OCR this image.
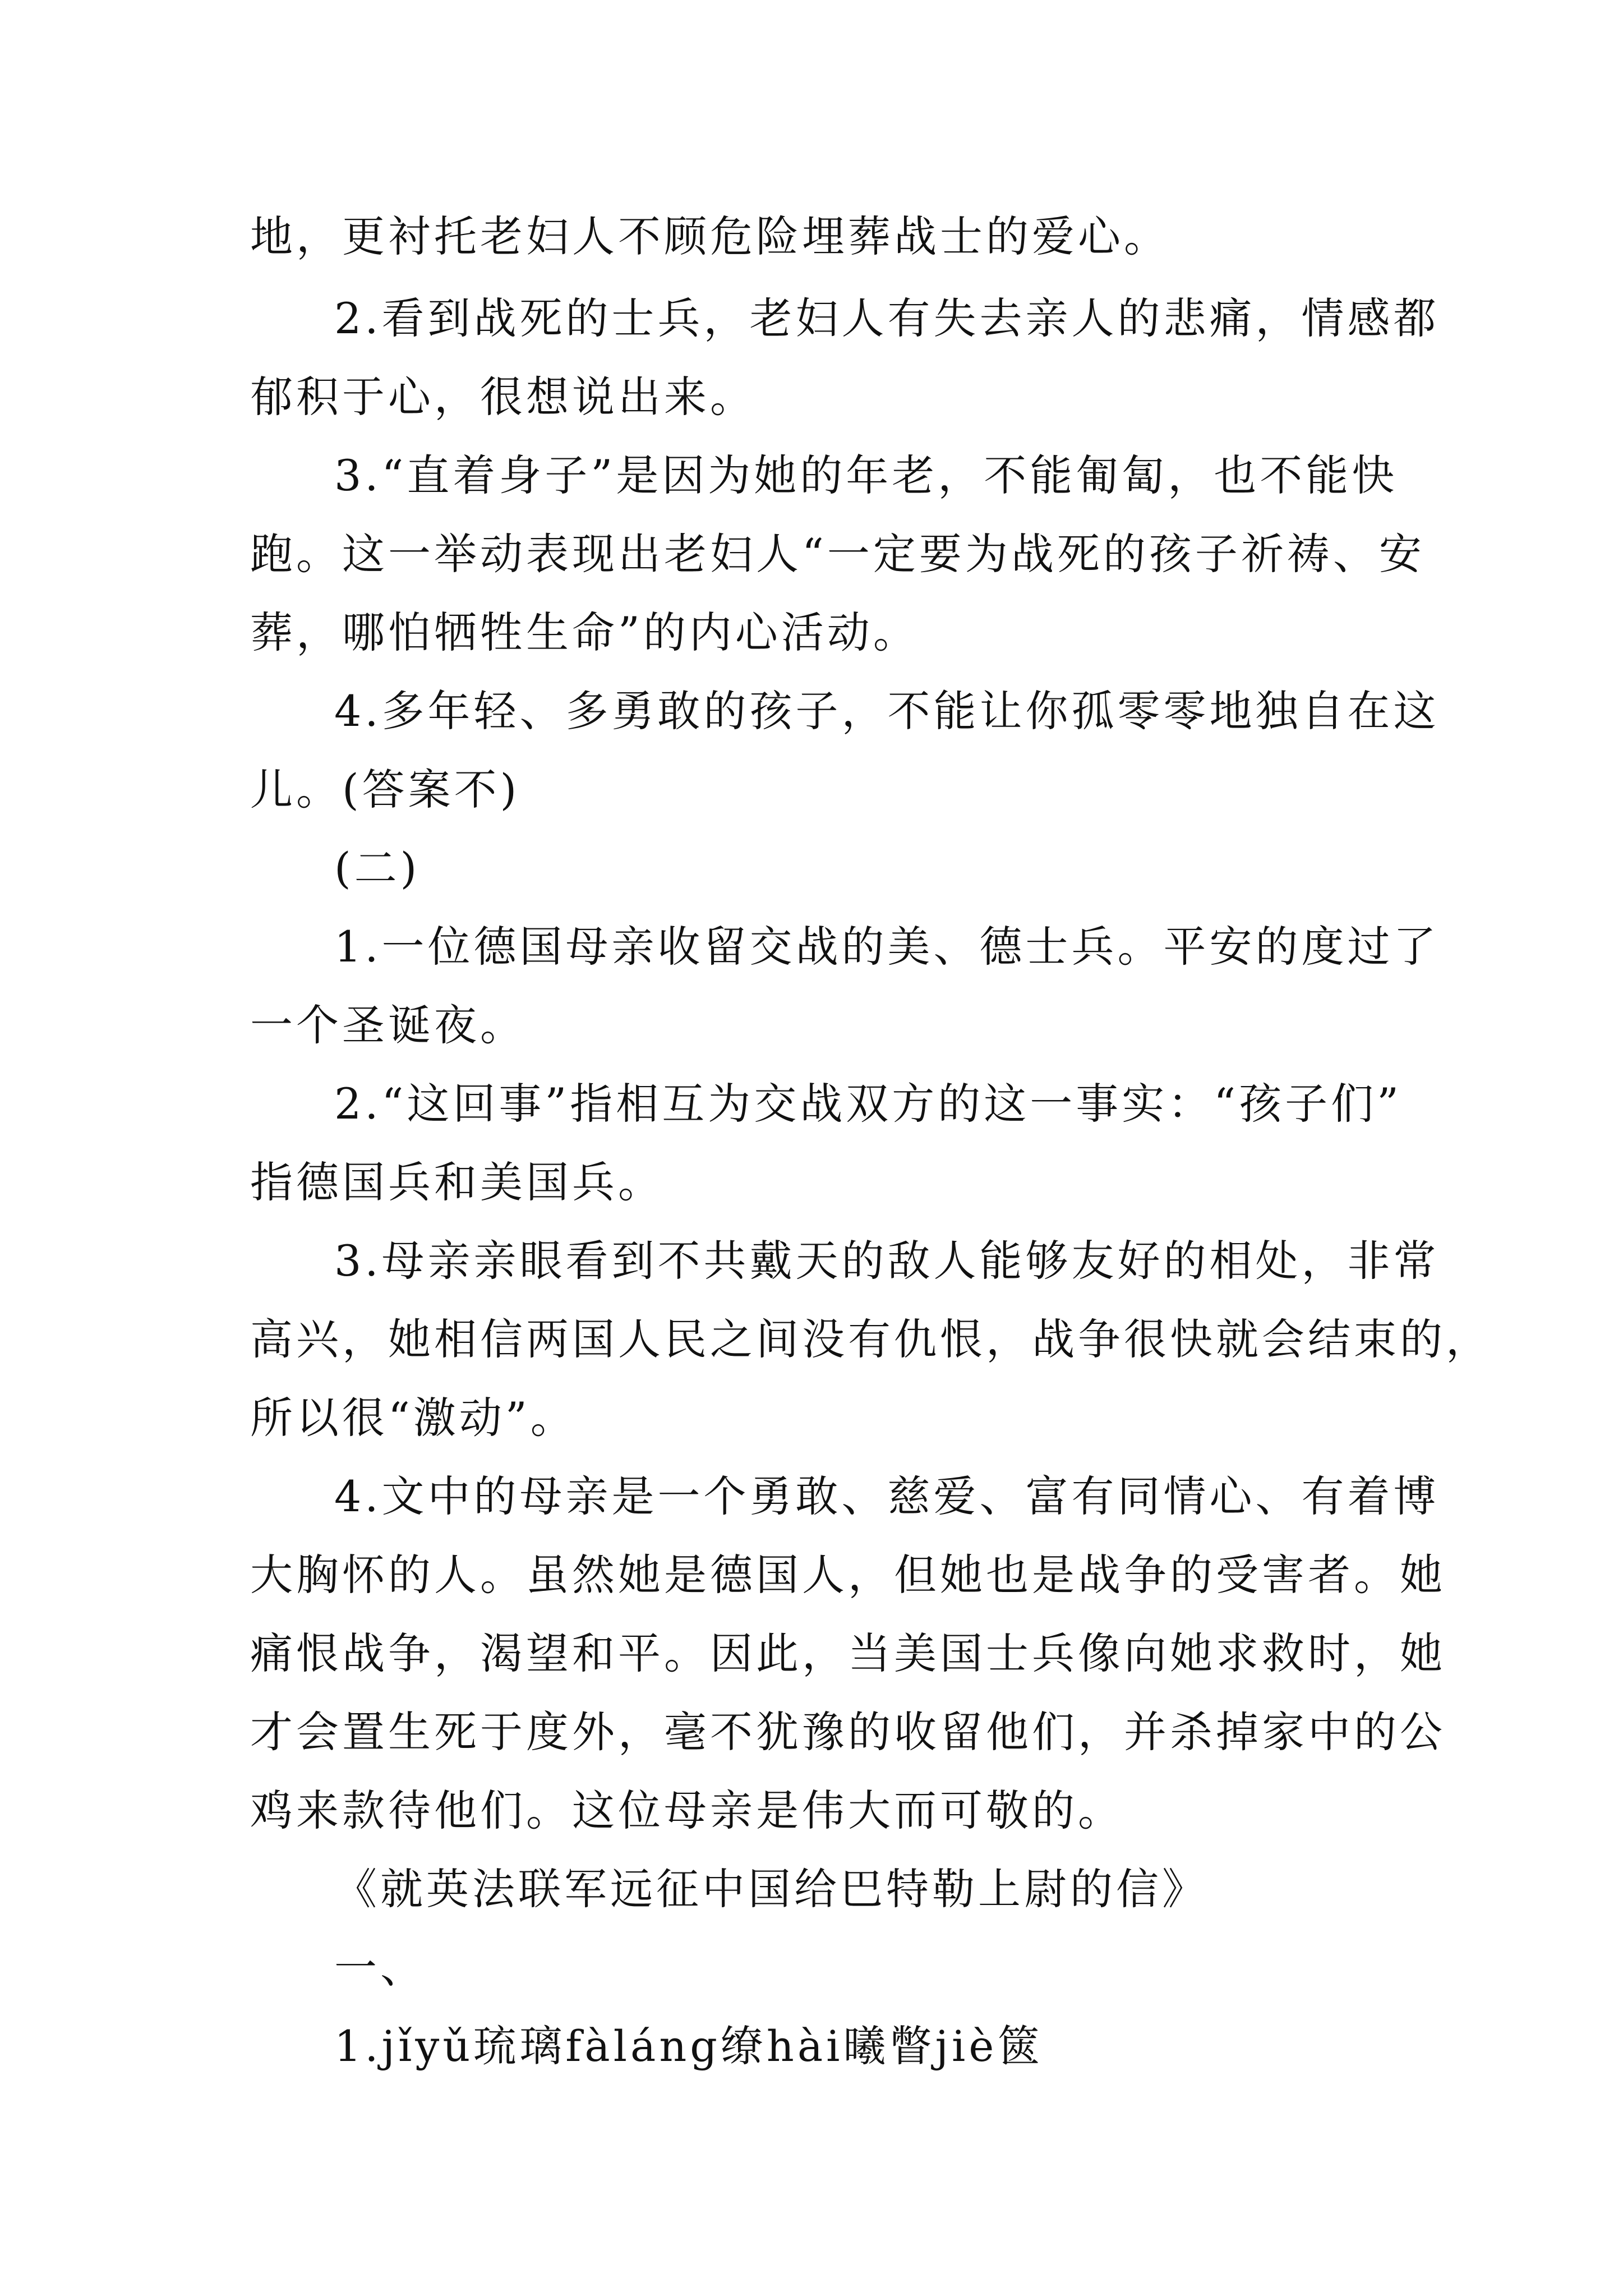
地，更衬托老妇人不顾危险埋葬战士的爱心。
2.看到战死的士兵，老妇人有失去亲人的悲痛，情感都
郁积于心，很想说出来。
3.“直着身子”是因为她的年老，不能匍匐，也不能快
跑。这一举动表现出老妇人“一定要为战死的孩子祈祷、安
葬，哪怕牺牲生命”的内心活动。
4.多年轻、多勇敢的孩子，不能让你孤零零地独自在这
儿。(答案不)
(二)
1.一位德国母亲收留交战的美、德士兵。平安的度过了
一个圣诞夜。
2.“这回事”指相互为交战双方的这一事实：“孩子们”
指德国兵和美国兵。
3.母亲亲眼看到不共戴天的敌人能够友好的相处，非常
高兴，她相信两国人民之间没有仇恨，战争很快就会结束的，
所以很“激动”。
4.文中的母亲是一个勇敢、慈爱、富有同情心、有着博
大胸怀的人。虽然她是德国人，但她也是战争的受害者。她
痛恨战争，渴望和平。因此，当美国士兵像向她求救时，她
才会置生死于度外，毫不犹豫的收留他们，并杀掉家中的公
鸡来款待他们。这位母亲是伟大而可敬的。
《就英法联军远征中国给巴特勒上尉的信》
一、
1.jǐyǔ琉璃fàláng缭hài曦瞥jiè篋
